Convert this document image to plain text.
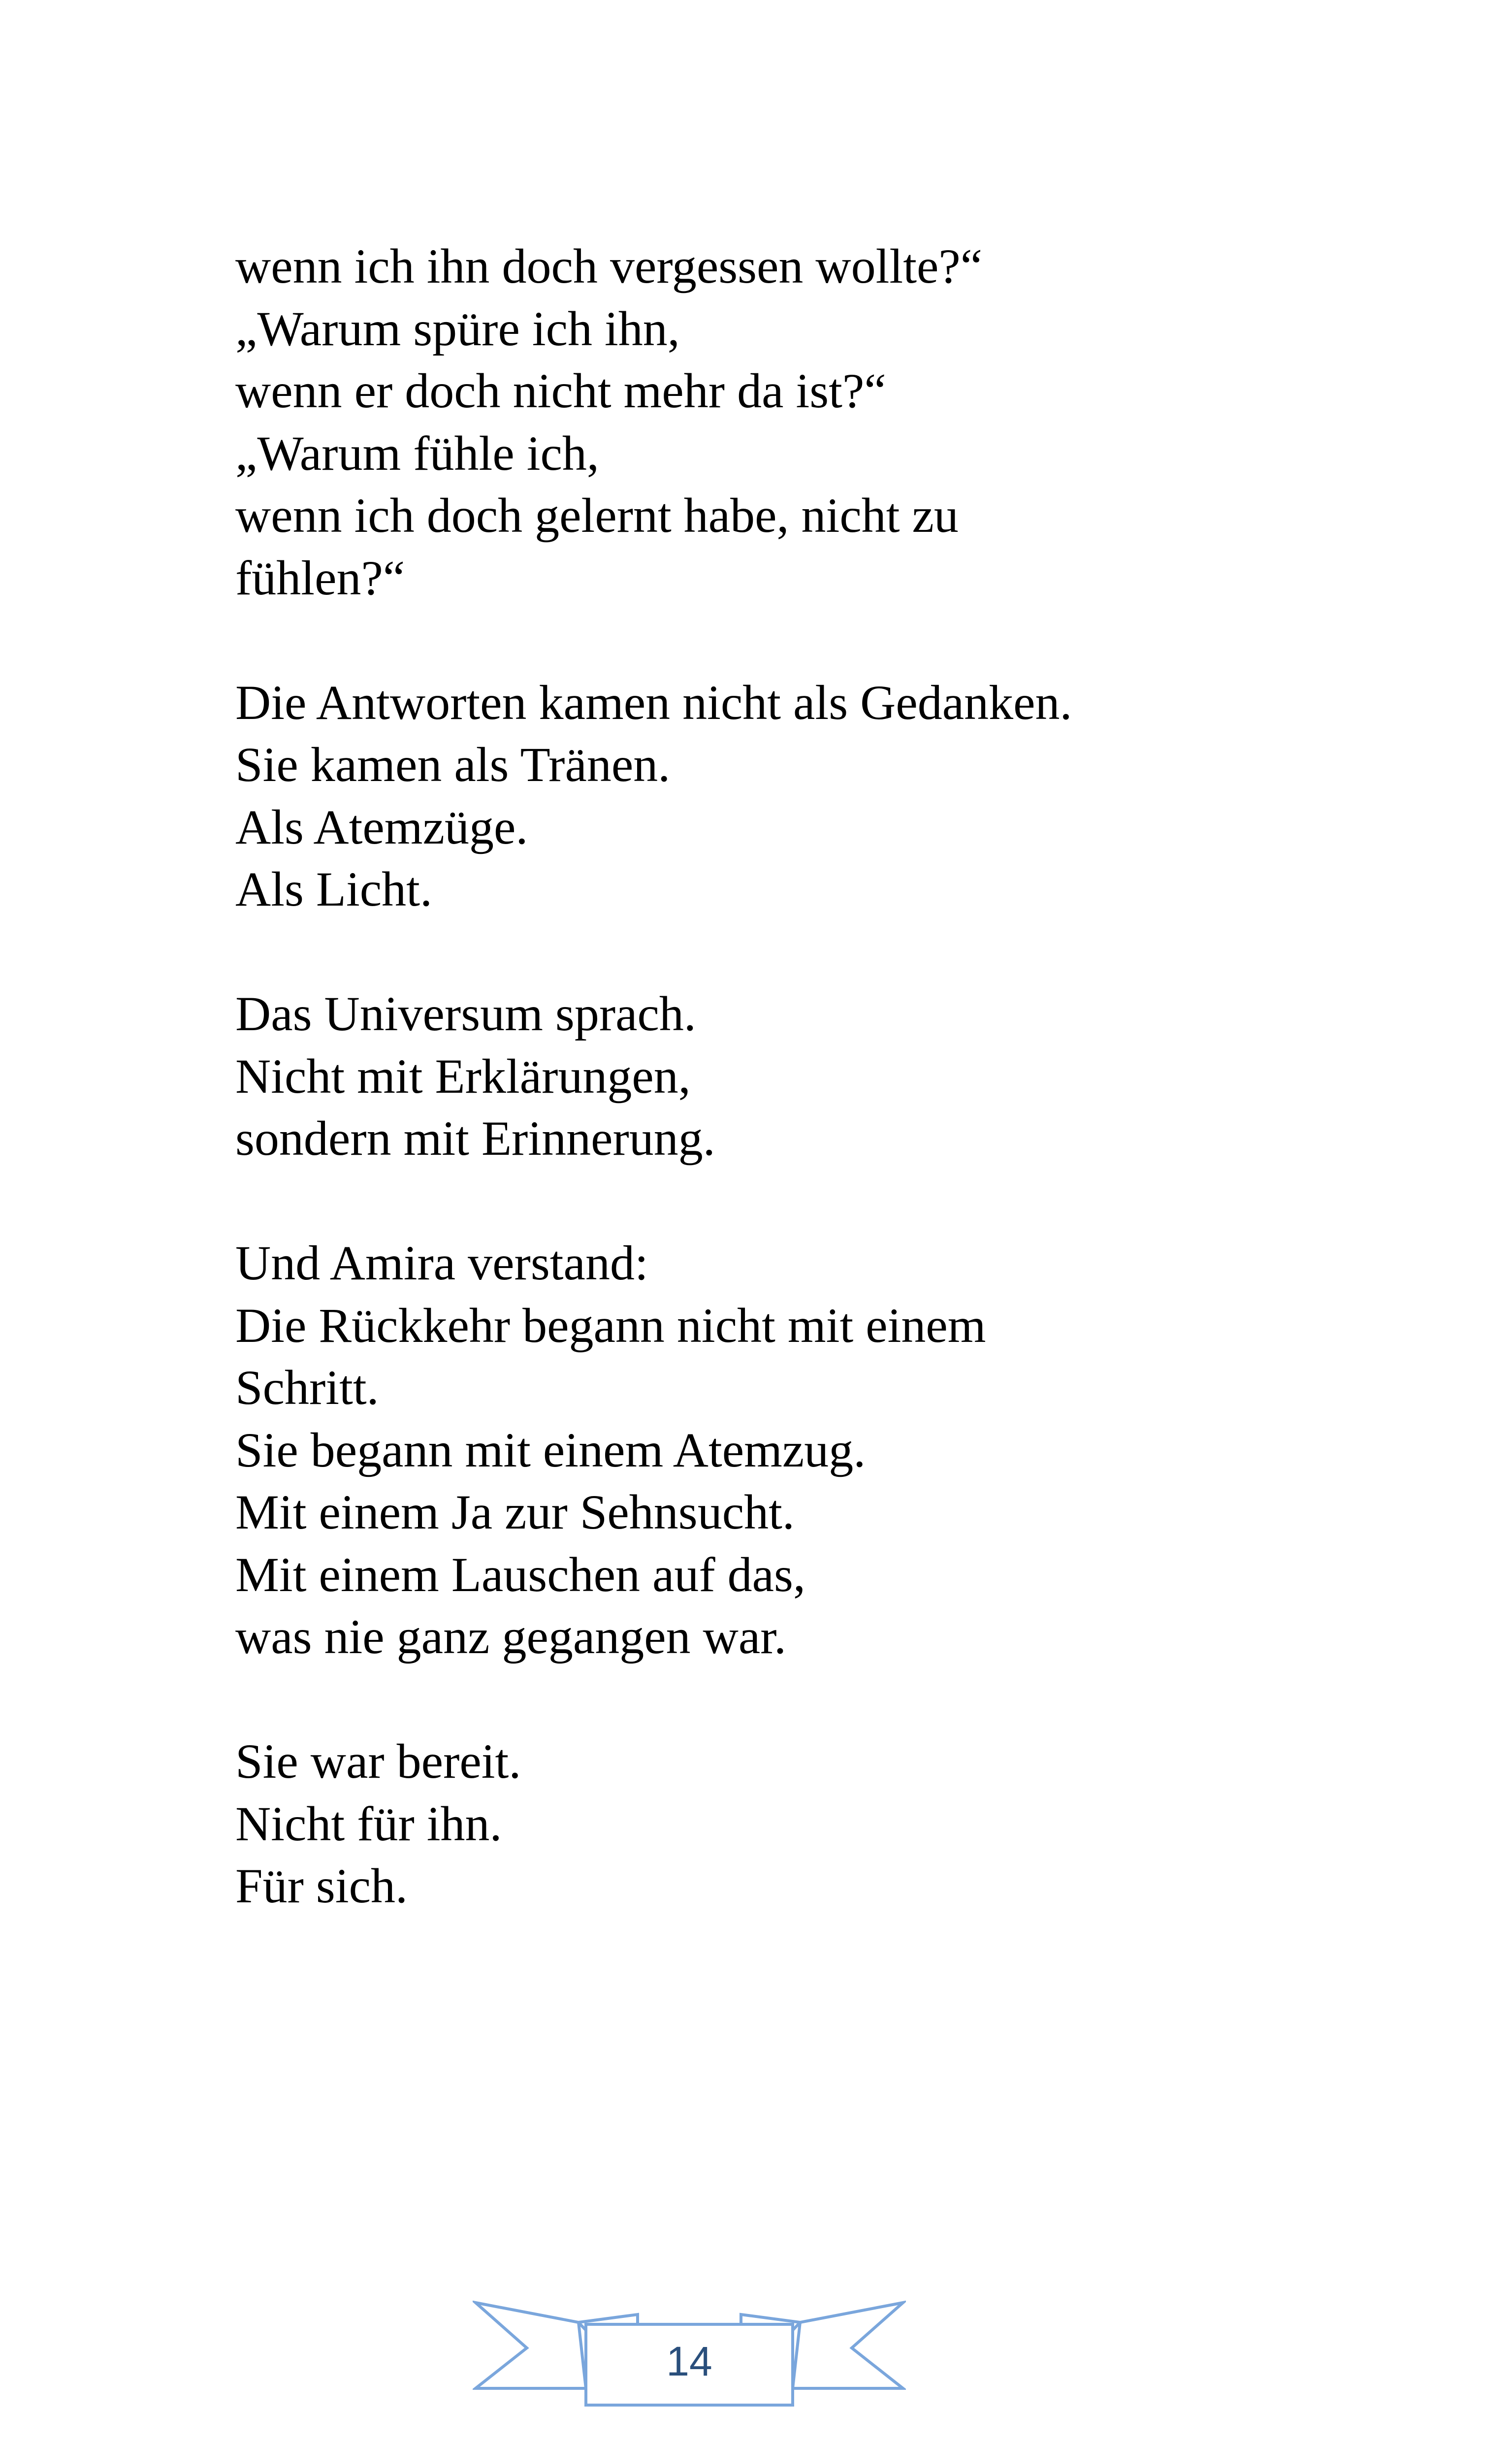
wenn ich ihn doch vergessen wollte?“
„Warum spüre ich ihn,
wenn er doch nicht mehr da ist?“
„Warum fühle ich,
wenn ich doch gelernt habe, nicht zu
fühlen?“
Die Antworten kamen nicht als Gedanken.
Sie kamen als Tränen.
Als Atemzüge.
Als Licht.
Das Universum sprach.
Nicht mit Erklärungen,
sondern mit Erinnerung.
Und Amira verstand:
Die Rückkehr begann nicht mit einem
Schritt.
Sie begann mit einem Atemzug.
Mit einem Ja zur Sehnsucht.
Mit einem Lauschen auf das,
was nie ganz gegangen war.
Sie war bereit.
Nicht für ihn.
Für sich.
14
